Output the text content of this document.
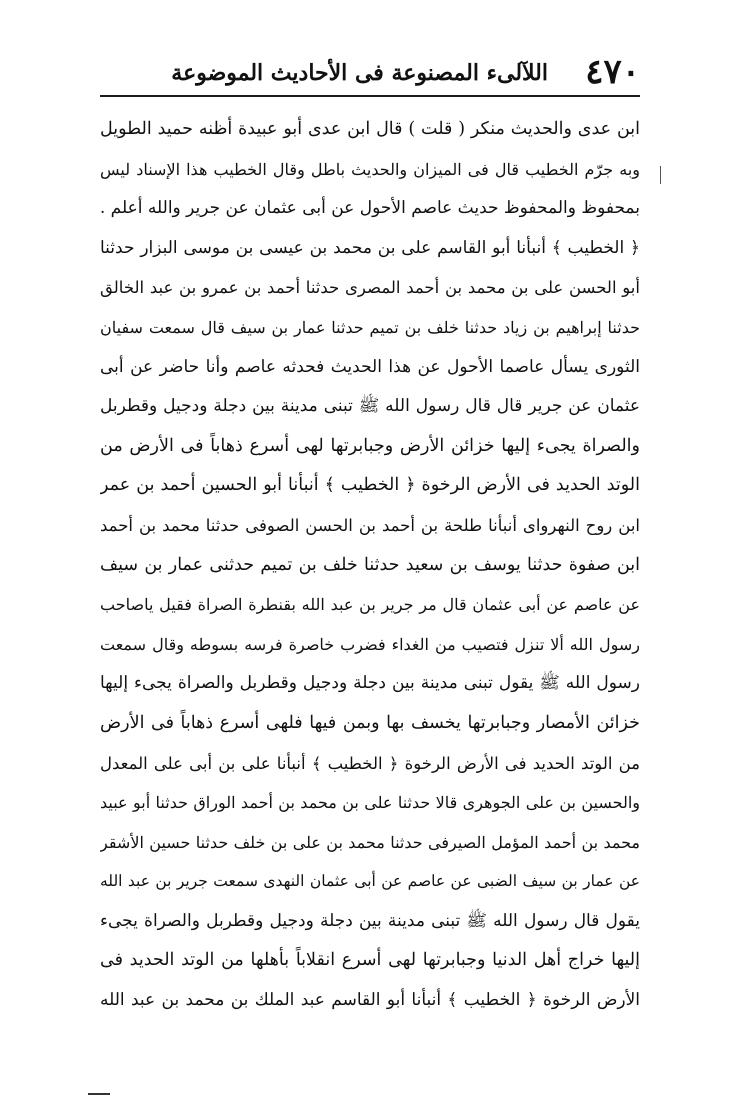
٤٧٠
اللآلىء المصنوعة فى الأحاديث الموضوعة
ابن عدى والحديث منكر ( قلت ) قال ابن عدى أبو عبيدة أظنه حميد الطويل
وبه جرّم الخطيب قال فى الميزان والحديث باطل وقال الخطيب هذا الإسناد ليس
بمحفوظ والمحفوظ حديث عاصم الأحول عن أبى عثمان عن جرير والله أعلم .
﴿ الخطيب ﴾ أنبأنا أبو القاسم على بن محمد بن عيسى بن موسى البزار حدثنا
أبو الحسن على بن محمد بن أحمد المصرى حدثنا أحمد بن عمرو بن عبد الخالق
حدثنا إبراهيم بن زياد حدثنا خلف بن تميم حدثنا عمار بن سيف قال سمعت سفيان
الثورى يسأل عاصما الأحول عن هذا الحديث فحدثه عاصم وأنا حاضر عن أبى
عثمان عن جرير قال قال رسول الله ﷺ تبنى مدينة بين دجلة ودجيل وقطربل
والصراة يجىء إليها خزائن الأرض وجبابرتها لهى أسرع ذهاباً فى الأرض من
الوتد الحديد فى الأرض الرخوة ﴿ الخطيب ﴾ أنبأنا أبو الحسين أحمد بن عمر
ابن روح النهرواى أنبأنا طلحة بن أحمد بن الحسن الصوفى حدثنا محمد بن أحمد
ابن صفوة حدثنا يوسف بن سعيد حدثنا خلف بن تميم حدثنى عمار بن سيف
عن عاصم عن أبى عثمان قال مر جرير بن عبد الله بقنطرة الصراة فقيل ياصاحب
رسول الله ألا تنزل فتصيب من الغداء فضرب خاصرة فرسه بسوطه وقال سمعت
رسول الله ﷺ يقول تبنى مدينة بين دجلة ودجيل وقطربل والصراة يجىء إليها
خزائن الأمصار وجبابرتها يخسف بها وبمن فيها فلهى أسرع ذهاباً فى الأرض
من الوتد الحديد فى الأرض الرخوة ﴿ الخطيب ﴾ أنبأنا على بن أبى على المعدل
والحسين بن على الجوهرى قالا حدثنا على بن محمد بن أحمد الوراق حدثنا أبو عبيد
محمد بن أحمد المؤمل الصيرفى حدثنا محمد بن على بن خلف حدثنا حسين الأشقر
عن عمار بن سيف الضبى عن عاصم عن أبى عثمان النهدى سمعت جرير بن عبد الله
يقول قال رسول الله ﷺ تبنى مدينة بين دجلة ودجيل وقطربل والصراة يجىء
إليها خراج أهل الدنيا وجبابرتها لهى أسرع انقلاباً بأهلها من الوتد الحديد فى
الأرض الرخوة ﴿ الخطيب ﴾ أنبأنا أبو القاسم عبد الملك بن محمد بن عبد الله
